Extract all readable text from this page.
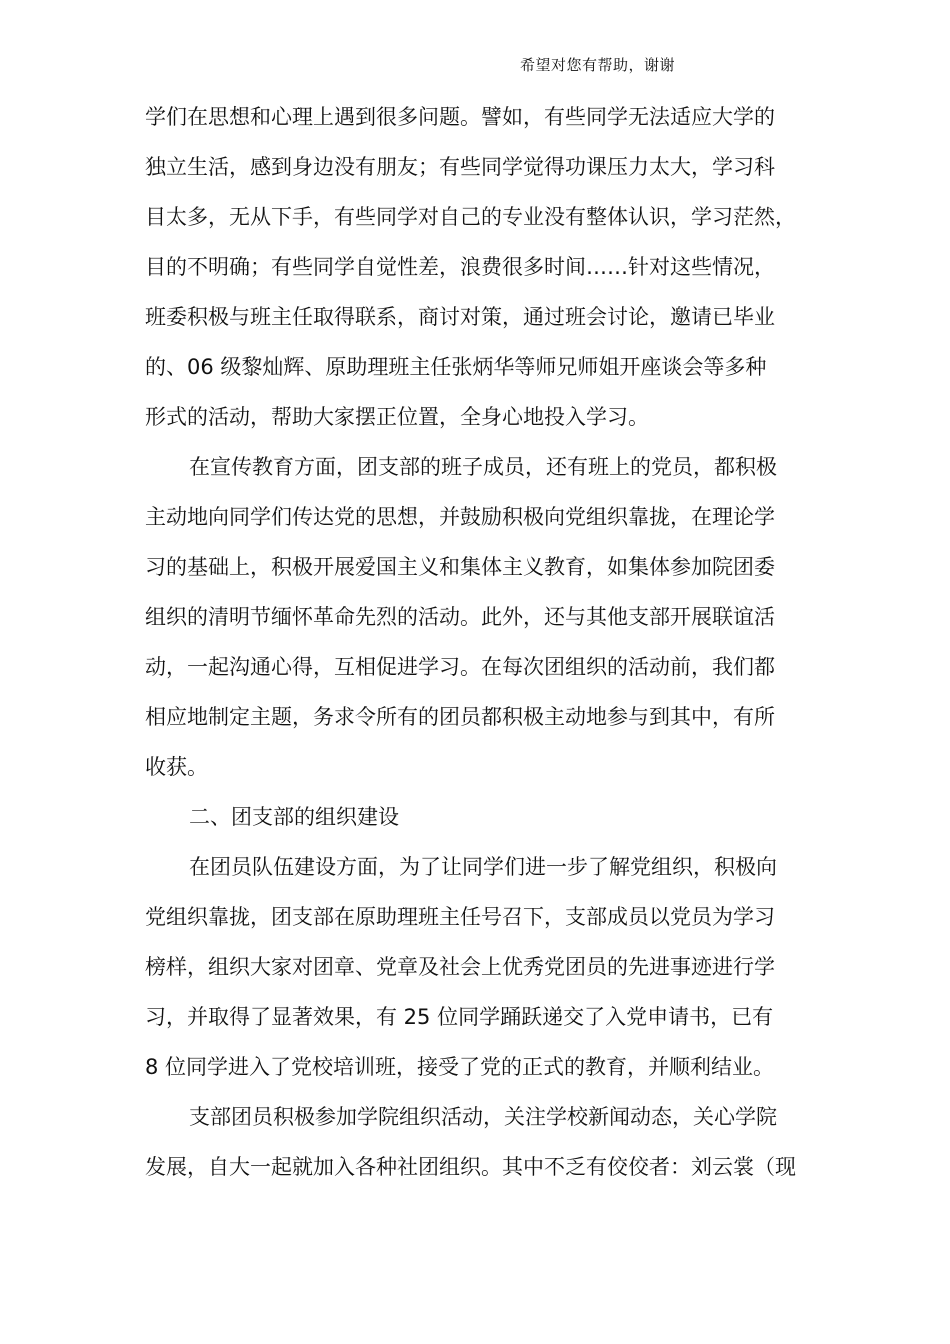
希望对您有帮助，谢谢
学们在思想和心理上遇到很多问题。譬如，有些同学无法适应大学的
独立生活，感到身边没有朋友；有些同学觉得功课压力太大，学习科
目太多，无从下手，有些同学对自己的专业没有整体认识，学习茫然，
目的不明确；有些同学自觉性差，浪费很多时间……针对这些情况，
班委积极与班主任取得联系，商讨对策，通过班会讨论，邀请已毕业
的、06 级黎灿辉、原助理班主任张炳华等师兄师姐开座谈会等多种
形式的活动，帮助大家摆正位置，全身心地投入学习。
在宣传教育方面，团支部的班子成员，还有班上的党员，都积极
主动地向同学们传达党的思想，并鼓励积极向党组织靠拢，在理论学
习的基础上，积极开展爱国主义和集体主义教育，如集体参加院团委
组织的清明节缅怀革命先烈的活动。此外，还与其他支部开展联谊活
动，一起沟通心得，互相促进学习。在每次团组织的活动前，我们都
相应地制定主题，务求令所有的团员都积极主动地参与到其中，有所
收获。
二、团支部的组织建设
在团员队伍建设方面，为了让同学们进一步了解党组织，积极向
党组织靠拢，团支部在原助理班主任号召下，支部成员以党员为学习
榜样，组织大家对团章、党章及社会上优秀党团员的先进事迹进行学
习，并取得了显著效果，有 25 位同学踊跃递交了入党申请书，已有
8 位同学进入了党校培训班，接受了党的正式的教育，并顺利结业。
支部团员积极参加学院组织活动，关注学校新闻动态，关心学院
发展，自大一起就加入各种社团组织。其中不乏有佼佼者：刘云裳（现
